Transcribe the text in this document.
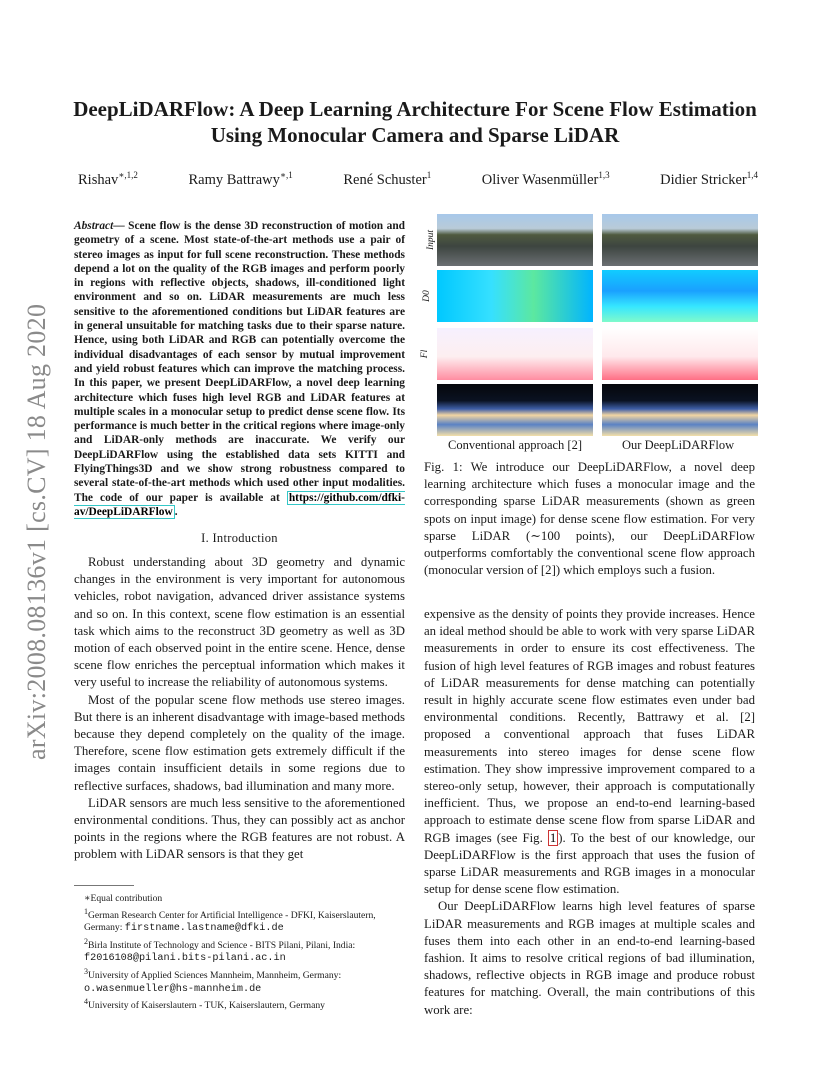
DeepLiDARFlow: A Deep Learning Architecture For Scene Flow Estimation Using Monocular Camera and Sparse LiDAR
Rishav$^{∗,1,2}$	Ramy Battrawy$^{∗,1}$	René Schuster$^1$	Oliver Wasenmüller$^{1,3}$	Didier Stricker$^{1,4}$
arXiv:2008.08136v1 [cs.CV] 18 Aug 2020
Abstract— Scene flow is the dense 3D reconstruction of motion and geometry of a scene. Most state-of-the-art methods use a pair of stereo images as input for full scene reconstruction. These methods depend a lot on the quality of the RGB images and perform poorly in regions with reflective objects, shadows, ill-conditioned light environment and so on. LiDAR measurements are much less sensitive to the aforementioned conditions but LiDAR features are in general unsuitable for matching tasks due to their sparse nature. Hence, using both LiDAR and RGB can potentially overcome the individual disadvantages of each sensor by mutual improvement and yield robust features which can improve the matching process. In this paper, we present DeepLiDARFlow, a novel deep learning architecture which fuses high level RGB and LiDAR features at multiple scales in a monocular setup to predict dense scene flow. Its performance is much better in the critical regions where image-only and LiDAR-only methods are inaccurate. We verify our DeepLiDARFlow using the established data sets KITTI and FlyingThings3D and we show strong robustness compared to several state-of-the-art methods which used other input modalities. The code of our paper is available at https://github.com/dfki-av/DeepLiDARFlow .
I. Introduction

Robust understanding about 3D geometry and dynamic changes in the environment is very important for autonomous vehicles, robot navigation, advanced driver assistance systems and so on. In this context, scene flow estimation is an essential task which aims to the reconstruct 3D geometry as well as 3D motion of each observed point in the entire scene. Hence, dense scene flow enriches the perceptual information which makes it very useful to increase the reliability of autonomous systems.

Most of the popular scene flow methods use stereo images. But there is an inherent disadvantage with image-based methods because they depend completely on the quality of the image. Therefore, scene flow estimation gets extremely difficult if the images contain insufficient details in some regions due to reflective surfaces, shadows, bad illumination and many more.

LiDAR sensors are much less sensitive to the aforementioned environmental conditions. Thus, they can possibly act as anchor points in the regions where the RGB features are not robust. A problem with LiDAR sensors is that they get

∗Equal contribution
$^1$German Research Center for Artificial Intelligence - DFKI, Kaiserslautern, Germany: firstname.lastname@dfki.de
$^2$Birla Institute of Technology and Science - BITS Pilani, Pilani, India: f2016108@pilani.bits-pilani.ac.in
$^3$University of Applied Sciences Mannheim, Mannheim, Germany: o.wasenmueller@hs-mannheim.de
$^4$University of Kaiserslautern - TUK, Kaiserslautern, Germany
Input
D0
Fl
Conventional approach [2]	Our DeepLiDARFlow
Fig. 1: We introduce our DeepLiDARFlow, a novel deep learning architecture which fuses a monocular image and the corresponding sparse LiDAR measurements (shown as green spots on input image) for dense scene flow estimation. For very sparse LiDAR (∼100 points), our DeepLiDARFlow outperforms comfortably the conventional scene flow approach (monocular version of [2]) which employs such a fusion.

expensive as the density of points they provide increases. Hence an ideal method should be able to work with very sparse LiDAR measurements in order to ensure its cost effectiveness. The fusion of high level features of RGB images and robust features of LiDAR measurements for dense matching can potentially result in highly accurate scene flow estimates even under bad environmental conditions. Recently, Battrawy et al. [2] proposed a conventional approach that fuses LiDAR measurements into stereo images for dense scene flow estimation. They show impressive improvement compared to a stereo-only setup, however, their approach is computationally inefficient. Thus, we propose an end-to-end learning-based approach to estimate dense scene flow from sparse LiDAR and RGB images (see Fig. 1 ). To the best of our knowledge, our DeepLiDARFlow is the first approach that uses the fusion of sparse LiDAR measurements and RGB images in a monocular setup for dense scene flow estimation.

Our DeepLiDARFlow learns high level features of sparse LiDAR measurements and RGB images at multiple scales and fuses them into each other in an end-to-end learning-based fashion. It aims to resolve critical regions of bad illumination, shadows, reflective objects in RGB image and produce robust features for matching. Overall, the main contributions of this work are:
